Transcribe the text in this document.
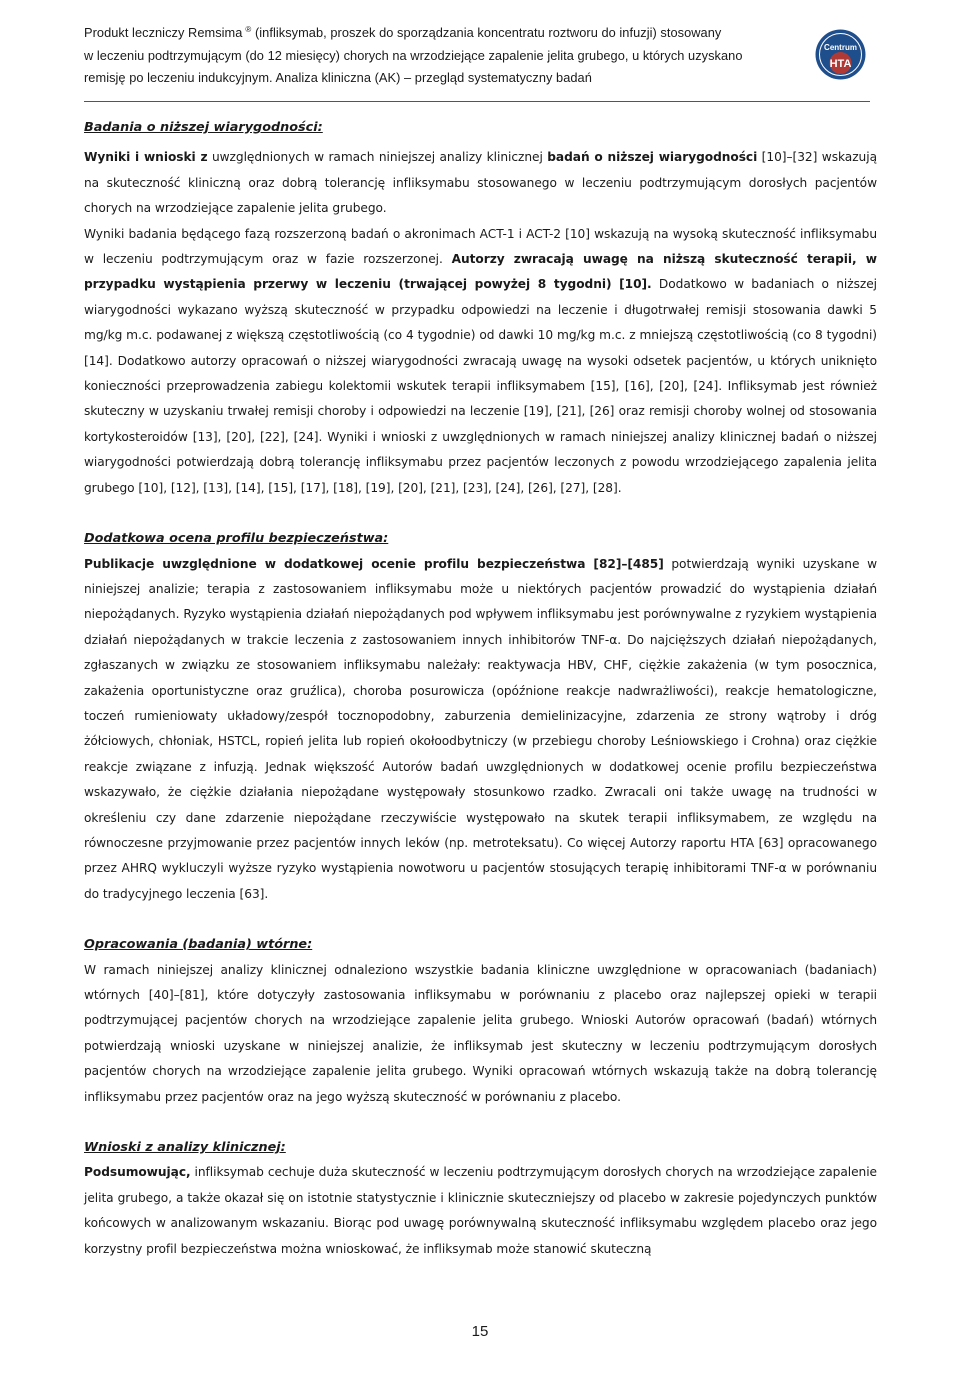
Produkt leczniczy Remsima ® (infliksymab, proszek do sporządzania koncentratu roztworu do infuzji) stosowany
w leczeniu podtrzymującym (do 12 miesięcy) chorych na wrzodziejące zapalenie jelita grubego, u których uzyskano
remisję po leczeniu indukcyjnym. Analiza kliniczna (AK) – przegląd systematyczny badań
Centrum
HTA

Badania o niższej wiarygodności:

Wyniki i wnioski z uwzględnionych w ramach niniejszej analizy klinicznej badań o niższej wiarygodności [10]–[32] wskazują na skuteczność kliniczną oraz dobrą tolerancję infliksymabu stosowanego w leczeniu podtrzymującym dorosłych pacjentów chorych na wrzodziejące zapalenie jelita grubego.

Wyniki badania będącego fazą rozszerzoną badań o akronimach ACT-1 i ACT-2 [10] wskazują na wysoką skuteczność infliksymabu w leczeniu podtrzymującym oraz w fazie rozszerzonej. Autorzy zwracają uwagę na niższą skuteczność terapii, w przypadku wystąpienia przerwy w leczeniu (trwającej powyżej 8 tygodni) [10]. Dodatkowo w badaniach o niższej wiarygodności wykazano wyższą skuteczność w przypadku odpowiedzi na leczenie i długotrwałej remisji stosowania dawki 5 mg/kg m.c. podawanej z większą częstotliwością (co 4 tygodnie) od dawki 10 mg/kg m.c. z mniejszą częstotliwością (co 8 tygodni) [14]. Dodatkowo autorzy opracowań o niższej wiarygodności zwracają uwagę na wysoki odsetek pacjentów, u których uniknięto konieczności przeprowadzenia zabiegu kolektomii wskutek terapii infliksymabem [15], [16], [20], [24]. Infliksymab jest również skuteczny w uzyskaniu trwałej remisji choroby i odpowiedzi na leczenie [19], [21], [26] oraz remisji choroby wolnej od stosowania kortykosteroidów [13], [20], [22], [24]. Wyniki i wnioski z uwzględnionych w ramach niniejszej analizy klinicznej badań o niższej wiarygodności potwierdzają dobrą tolerancję infliksymabu przez pacjentów leczonych z powodu wrzodziejącego zapalenia jelita grubego [10], [12], [13], [14], [15], [17], [18], [19], [20], [21], [23], [24], [26], [27], [28].

Dodatkowa ocena profilu bezpieczeństwa:

Publikacje uwzględnione w dodatkowej ocenie profilu bezpieczeństwa [82]–[485] potwierdzają wyniki uzyskane w niniejszej analizie; terapia z zastosowaniem infliksymabu może u niektórych pacjentów prowadzić do wystąpienia działań niepożądanych. Ryzyko wystąpienia działań niepożądanych pod wpływem infliksymabu jest porównywalne z ryzykiem wystąpienia działań niepożądanych w trakcie leczenia z zastosowaniem innych inhibitorów TNF-α. Do najcięższych działań niepożądanych, zgłaszanych w związku ze stosowaniem infliksymabu należały: reaktywacja HBV, CHF, ciężkie zakażenia (w tym posocznica, zakażenia oportunistyczne oraz gruźlica), choroba posurowicza (opóźnione reakcje nadwrażliwości), reakcje hematologiczne, toczeń rumieniowaty układowy/zespół tocznopodobny, zaburzenia demielinizacyjne, zdarzenia ze strony wątroby i dróg żółciowych, chłoniak, HSTCL, ropień jelita lub ropień okołoodbytniczy (w przebiegu choroby Leśniowskiego i Crohna) oraz ciężkie reakcje związane z infuzją. Jednak większość Autorów badań uwzględnionych w dodatkowej ocenie profilu bezpieczeństwa wskazywało, że ciężkie działania niepożądane występowały stosunkowo rzadko. Zwracali oni także uwagę na trudności w określeniu czy dane zdarzenie niepożądane rzeczywiście występowało na skutek terapii infliksymabem, ze względu na równoczesne przyjmowanie przez pacjentów innych leków (np. metroteksatu). Co więcej Autorzy raportu HTA [63] opracowanego przez AHRQ wykluczyli wyższe ryzyko wystąpienia nowotworu u pacjentów stosujących terapię inhibitorami TNF-α w porównaniu do tradycyjnego leczenia [63].

Opracowania (badania) wtórne:

W ramach niniejszej analizy klinicznej odnaleziono wszystkie badania kliniczne uwzględnione w opracowaniach (badaniach) wtórnych [40]–[81], które dotyczyły zastosowania infliksymabu w porównaniu z placebo oraz najlepszej opieki w terapii podtrzymującej pacjentów chorych na wrzodziejące zapalenie jelita grubego. Wnioski Autorów opracowań (badań) wtórnych potwierdzają wnioski uzyskane w niniejszej analizie, że infliksymab jest skuteczny w leczeniu podtrzymującym dorosłych pacjentów chorych na wrzodziejące zapalenie jelita grubego. Wyniki opracowań wtórnych wskazują także na dobrą tolerancję infliksymabu przez pacjentów oraz na jego wyższą skuteczność w porównaniu z placebo.

Wnioski z analizy klinicznej:

Podsumowując, infliksymab cechuje duża skuteczność w leczeniu podtrzymującym dorosłych chorych na wrzodziejące zapalenie jelita grubego, a także okazał się on istotnie statystycznie i klinicznie skuteczniejszy od placebo w zakresie pojedynczych punktów końcowych w analizowanym wskazaniu. Biorąc pod uwagę porównywalną skuteczność infliksymabu względem placebo oraz jego korzystny profil bezpieczeństwa można wnioskować, że infliksymab może stanowić skuteczną

15
